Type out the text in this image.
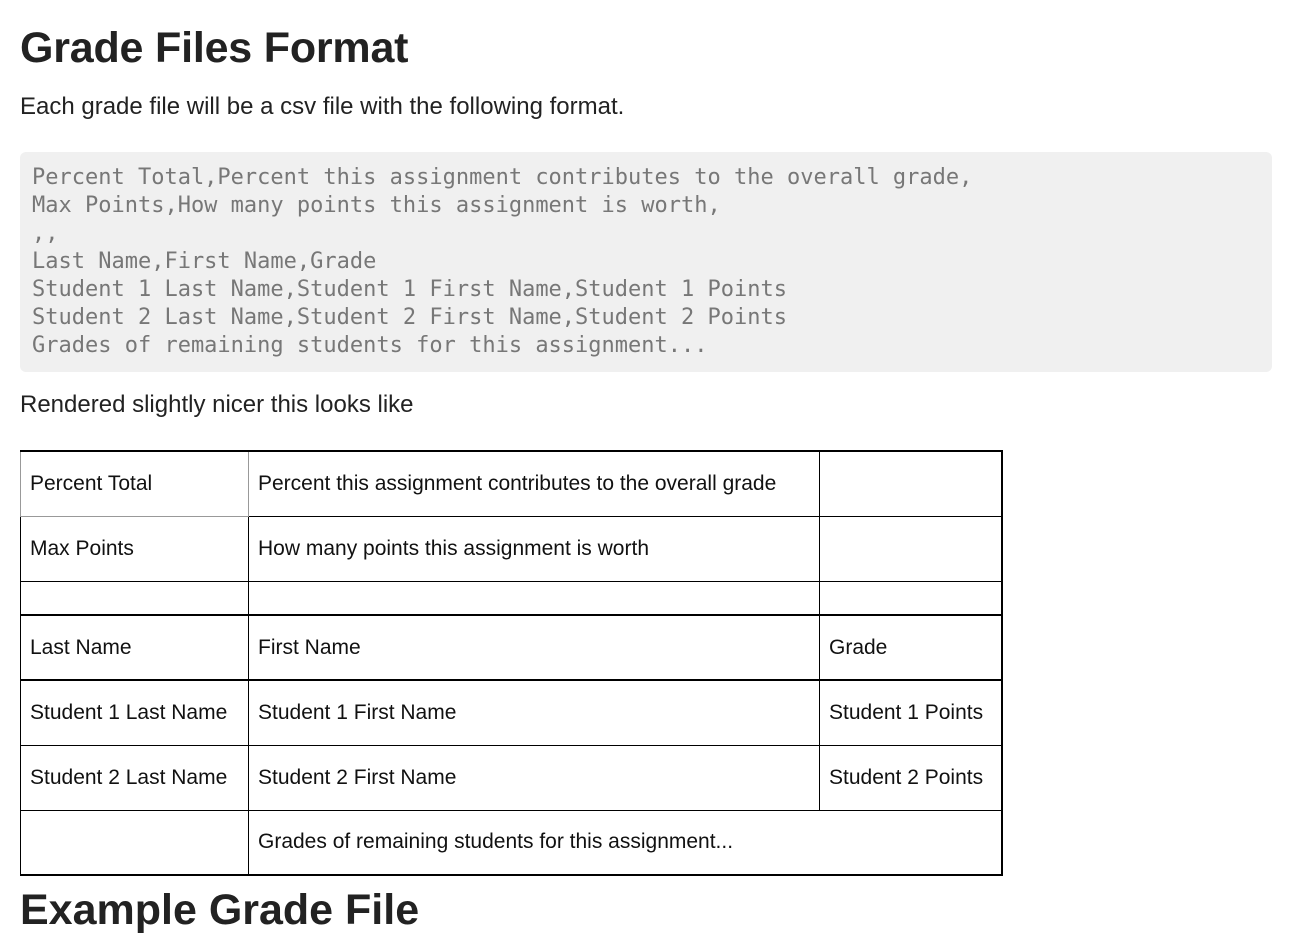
Grade Files Format

Each grade file will be a csv file with the following format.

Percent Total,Percent this assignment contributes to the overall grade,
Max Points,How many points this assignment is worth,
,,
Last Name,First Name,Grade
Student 1 Last Name,Student 1 First Name,Student 1 Points
Student 2 Last Name,Student 2 First Name,Student 2 Points
Grades of remaining students for this assignment...

Rendered slightly nicer this looks like

Percent Total	Percent this assignment contributes to the overall grade	
Max Points	How many points this assignment is worth	

Last Name	First Name	Grade
Student 1 Last Name	Student 1 First Name	Student 1 Points
Student 2 Last Name	Student 2 First Name	Student 2 Points
	Grades of remaining students for this assignment...	
Example Grade File
